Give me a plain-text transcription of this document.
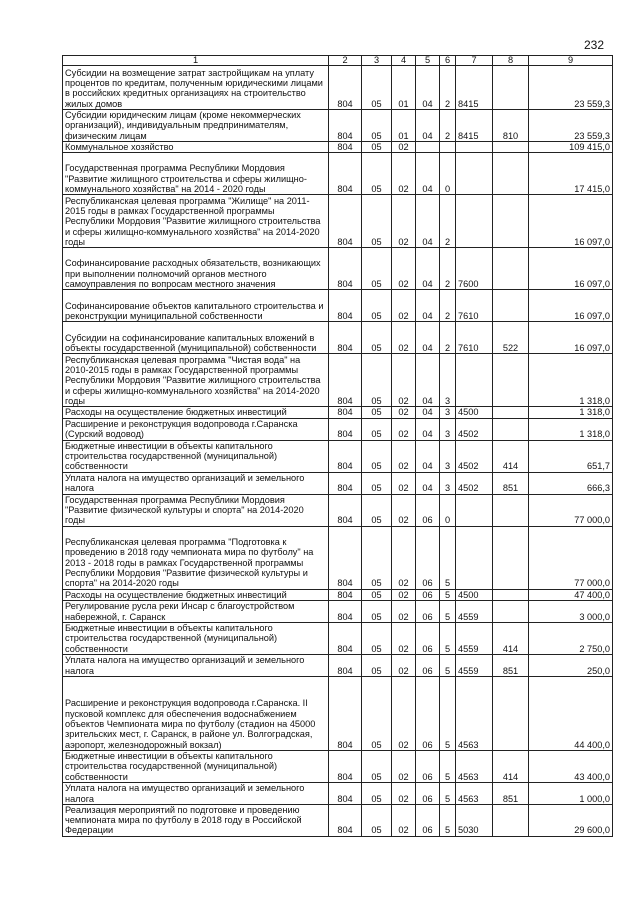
232
1	2	3	4	5	6	7	8	9
Субсидии на возмещение затрат застройщикам на уплату процентов по кредитам, полученным юридическими лицами в российских кредитных организациях на строительство жилых домов	804	05	01	04	2	8415		23 559,3
Субсидии юридическим лицам (кроме некоммерческих организаций), индивидуальным предпринимателям, физическим лицам	804	05	01	04	2	8415	810	23 559,3
Коммунальное хозяйство	804	05	02					109 415,0
Государственная программа Республики Мордовия "Развитие жилищного строительства и сферы жилищно-коммунального хозяйства" на 2014 - 2020 годы	804	05	02	04	0			17 415,0
Республиканская целевая программа "Жилище" на 2011-2015 годы в рамках Государственной программы Республики Мордовия "Развитие жилищного строительства и сферы жилищно-коммунального хозяйства" на 2014-2020 годы	804	05	02	04	2			16 097,0
Софинансирование расходных обязательств, возникающих при выполнении полномочий органов местного самоуправления по вопросам местного значения	804	05	02	04	2	7600		16 097,0
Софинансирование объектов капитального строительства и реконструкции муниципальной собственности	804	05	02	04	2	7610		16 097,0
Субсидии на софинансирование капитальных вложений в объекты государственной (муниципальной) собственности	804	05	02	04	2	7610	522	16 097,0
Республиканская целевая программа "Чистая вода" на 2010-2015 годы в рамках Государственной программы Республики Мордовия "Развитие жилищного строительства и сферы жилищно-коммунального хозяйства" на 2014-2020 годы	804	05	02	04	3			1 318,0
Расходы на осуществление бюджетных инвестиций	804	05	02	04	3	4500		1 318,0
Расширение и реконструкция водопровода г.Саранска (Сурский водовод)	804	05	02	04	3	4502		1 318,0
Бюджетные инвестиции в объекты капитального строительства государственной (муниципальной) собственности	804	05	02	04	3	4502	414	651,7
Уплата налога на имущество организаций и земельного налога	804	05	02	04	3	4502	851	666,3
Государственная программа Республики Мордовия "Развитие физической культуры и спорта" на 2014-2020 годы	804	05	02	06	0			77 000,0
Республиканская целевая программа "Подготовка к проведению в 2018 году чемпионата мира по футболу" на 2013 - 2018 годы в рамках Государственной программы Республики Мордовия "Развитие физической культуры и спорта" на 2014-2020 годы	804	05	02	06	5			77 000,0
Расходы на осуществление бюджетных инвестиций	804	05	02	06	5	4500		47 400,0
Регулирование русла реки Инсар с благоустройством набережной, г. Саранск	804	05	02	06	5	4559		3 000,0
Бюджетные инвестиции в объекты капитального строительства государственной (муниципальной) собственности	804	05	02	06	5	4559	414	2 750,0
Уплата налога на имущество организаций и земельного налога	804	05	02	06	5	4559	851	250,0
Расширение и реконструкция водопровода г.Саранска. II пусковой комплекс для обеспечения водоснабжением объектов Чемпионата мира по футболу (стадион на 45000 зрительских мест, г. Саранск, в районе ул. Волгоградская, аэропорт, железнодорожный вокзал)	804	05	02	06	5	4563		44 400,0
Бюджетные инвестиции в объекты капитального строительства государственной (муниципальной) собственности	804	05	02	06	5	4563	414	43 400,0
Уплата налога на имущество организаций и земельного налога	804	05	02	06	5	4563	851	1 000,0
Реализация мероприятий по подготовке и проведению чемпионата мира по футболу в 2018 году в Российской Федерации	804	05	02	06	5	5030		29 600,0
